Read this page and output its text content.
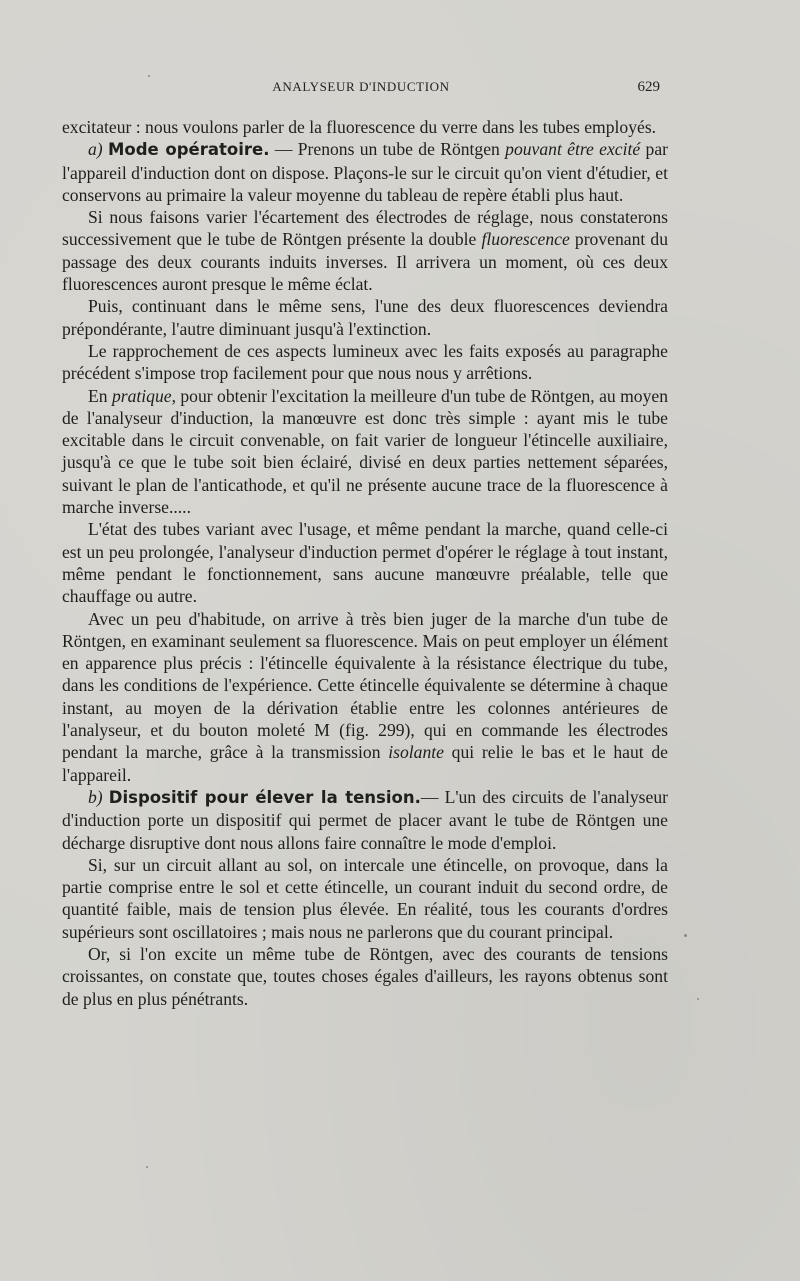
ANALYSEUR D'INDUCTION	629

excitateur : nous voulons parler de la fluorescence du verre dans les tubes employés.

a) Mode opératoire. — Prenons un tube de Röntgen pouvant être excité par l'appareil d'induction dont on dispose. Plaçons-le sur le circuit qu'on vient d'étudier, et conservons au primaire la valeur moyenne du tableau de repère établi plus haut.

Si nous faisons varier l'écartement des électrodes de réglage, nous constaterons successivement que le tube de Röntgen présente la double fluorescence provenant du passage des deux courants induits inverses. Il arrivera un moment, où ces deux fluorescences auront presque le même éclat.

Puis, continuant dans le même sens, l'une des deux fluorescences deviendra prépondérante, l'autre diminuant jusqu'à l'extinction.

Le rapprochement de ces aspects lumineux avec les faits exposés au paragraphe précédent s'impose trop facilement pour que nous nous y arrêtions.

En pratique, pour obtenir l'excitation la meilleure d'un tube de Röntgen, au moyen de l'analyseur d'induction, la manœuvre est donc très simple : ayant mis le tube excitable dans le circuit convenable, on fait varier de longueur l'étincelle auxiliaire, jusqu'à ce que le tube soit bien éclairé, divisé en deux parties nettement séparées, suivant le plan de l'anticathode, et qu'il ne présente aucune trace de la fluorescence à marche inverse.....

L'état des tubes variant avec l'usage, et même pendant la marche, quand celle-ci est un peu prolongée, l'analyseur d'induction permet d'opérer le réglage à tout instant, même pendant le fonctionnement, sans aucune manœuvre préalable, telle que chauffage ou autre.

Avec un peu d'habitude, on arrive à très bien juger de la marche d'un tube de Röntgen, en examinant seulement sa fluorescence. Mais on peut employer un élément en apparence plus précis : l'étincelle équivalente à la résistance électrique du tube, dans les conditions de l'expérience. Cette étincelle équivalente se détermine à chaque instant, au moyen de la dérivation établie entre les colonnes antérieures de l'analyseur, et du bouton moleté M (fig. 299), qui en commande les électrodes pendant la marche, grâce à la transmission isolante qui relie le bas et le haut de l'appareil.

b) Dispositif pour élever la tension.— L'un des circuits de l'analyseur d'induction porte un dispositif qui permet de placer avant le tube de Röntgen une décharge disruptive dont nous allons faire connaître le mode d'emploi.

Si, sur un circuit allant au sol, on intercale une étincelle, on provoque, dans la partie comprise entre le sol et cette étincelle, un courant induit du second ordre, de quantité faible, mais de tension plus élevée. En réalité, tous les courants d'ordres supérieurs sont oscillatoires ; mais nous ne parlerons que du courant principal.

Or, si l'on excite un même tube de Röntgen, avec des courants de tensions croissantes, on constate que, toutes choses égales d'ailleurs, les rayons obtenus sont de plus en plus pénétrants.
